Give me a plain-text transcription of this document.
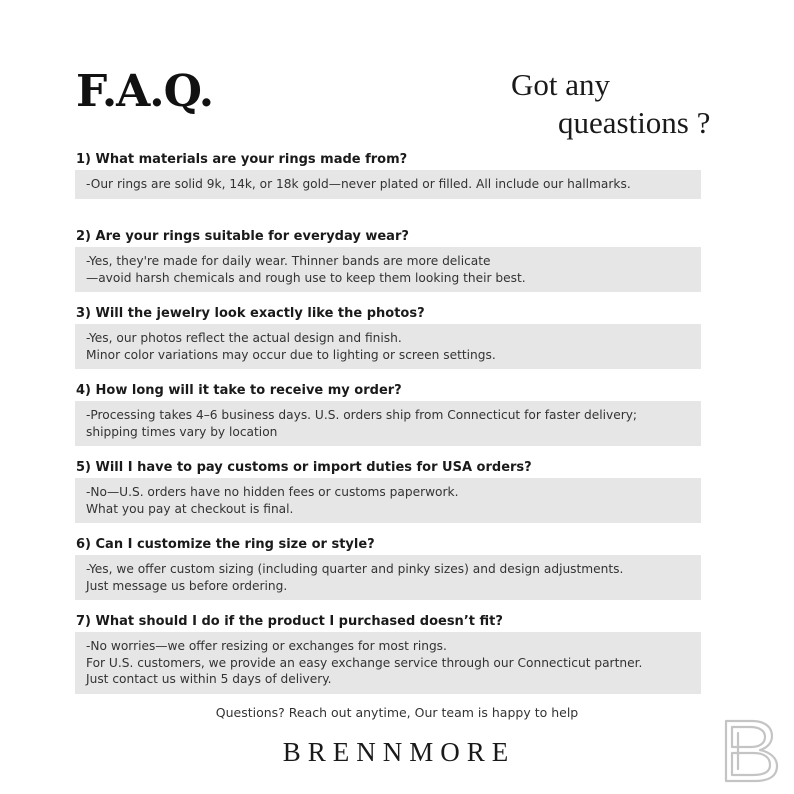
F.A.Q.	Got any
queastions ?
1) What materials are your rings made from?
-Our rings are solid 9k, 14k, or 18k gold—never plated or filled. All include our hallmarks.
2) Are your rings suitable for everyday wear?
-Yes, they're made for daily wear. Thinner bands are more delicate
—avoid harsh chemicals and rough use to keep them looking their best.
3) Will the jewelry look exactly like the photos?
-Yes, our photos reflect the actual design and finish.
Minor color variations may occur due to lighting or screen settings.
4) How long will it take to receive my order?
-Processing takes 4–6 business days. U.S. orders ship from Connecticut for faster delivery;
shipping times vary by location
5) Will I have to pay customs or import duties for USA orders?
-No—U.S. orders have no hidden fees or customs paperwork.
What you pay at checkout is final.
6) Can I customize the ring size or style?
-Yes, we offer custom sizing (including quarter and pinky sizes) and design adjustments.
Just message us before ordering.
7) What should I do if the product I purchased doesn’t fit?
-No worries—we offer resizing or exchanges for most rings.
For U.S. customers, we provide an easy exchange service through our Connecticut partner.
Just contact us within 5 days of delivery.
Questions? Reach out anytime, Our team is happy to help
BRENNMORE
